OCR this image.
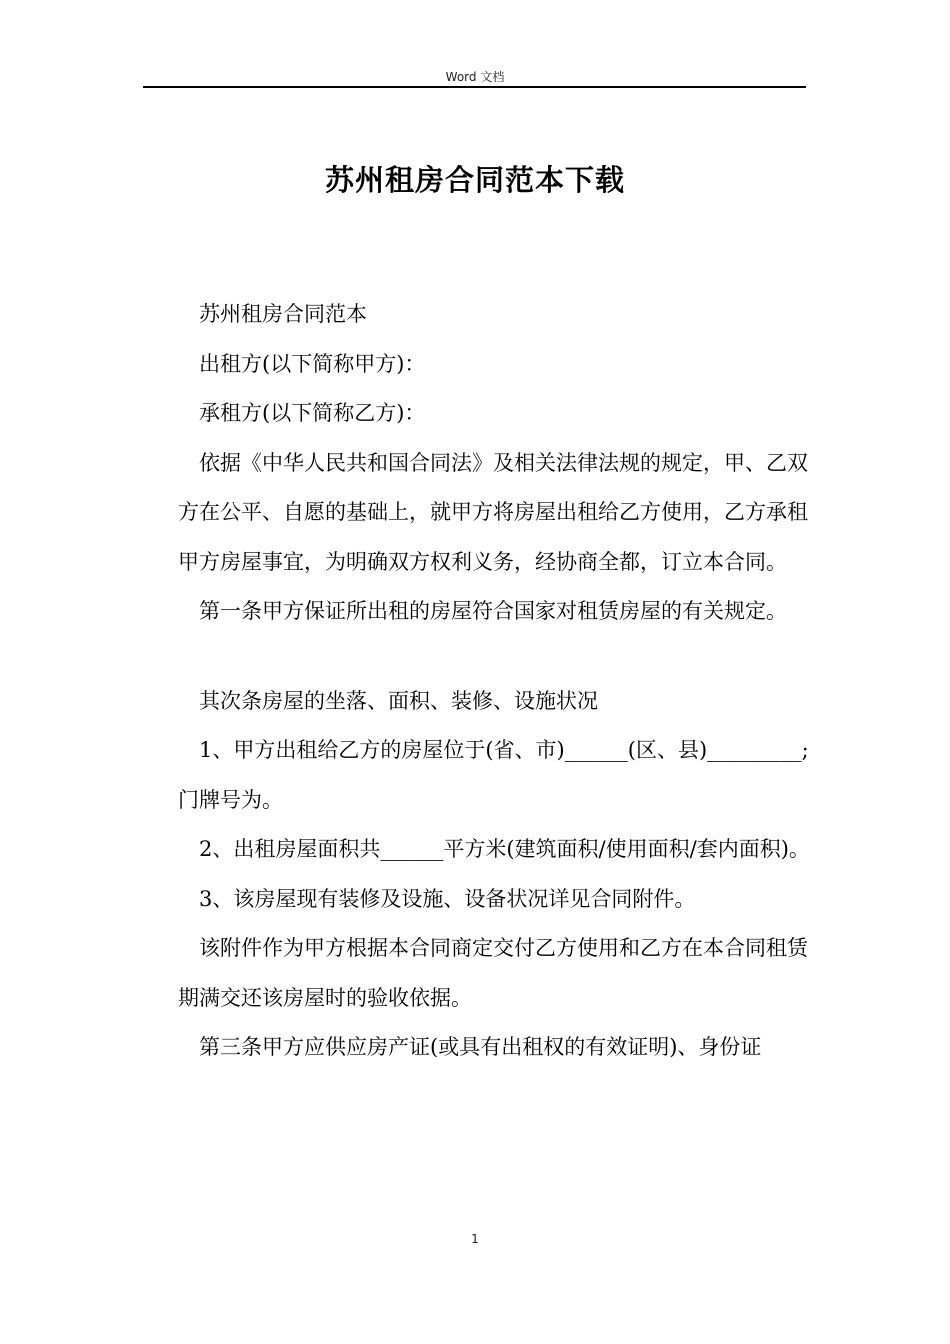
Word 文档
苏州租房合同范本下载

苏州租房合同范本

出租方(以下简称甲方)：

承租方(以下简称乙方)：

依据《中华人民共和国合同法》及相关法律法规的规定，甲、乙双方在公平、自愿的基础上，就甲方将房屋出租给乙方使用，乙方承租甲方房屋事宜，为明确双方权利义务，经协商全都，订立本合同。

第一条甲方保证所出租的房屋符合国家对租赁房屋的有关规定。

其次条房屋的坐落、面积、装修、设施状况

1、甲方出租给乙方的房屋位于(省、市)______(区、县)_________;门牌号为。

2、出租房屋面积共______平方米(建筑面积/使用面积/套内面积)。

3、该房屋现有装修及设施、设备状况详见合同附件。

该附件作为甲方根据本合同商定交付乙方使用和乙方在本合同租赁期满交还该房屋时的验收依据。

第三条甲方应供应房产证(或具有出租权的有效证明)、身份证

1
